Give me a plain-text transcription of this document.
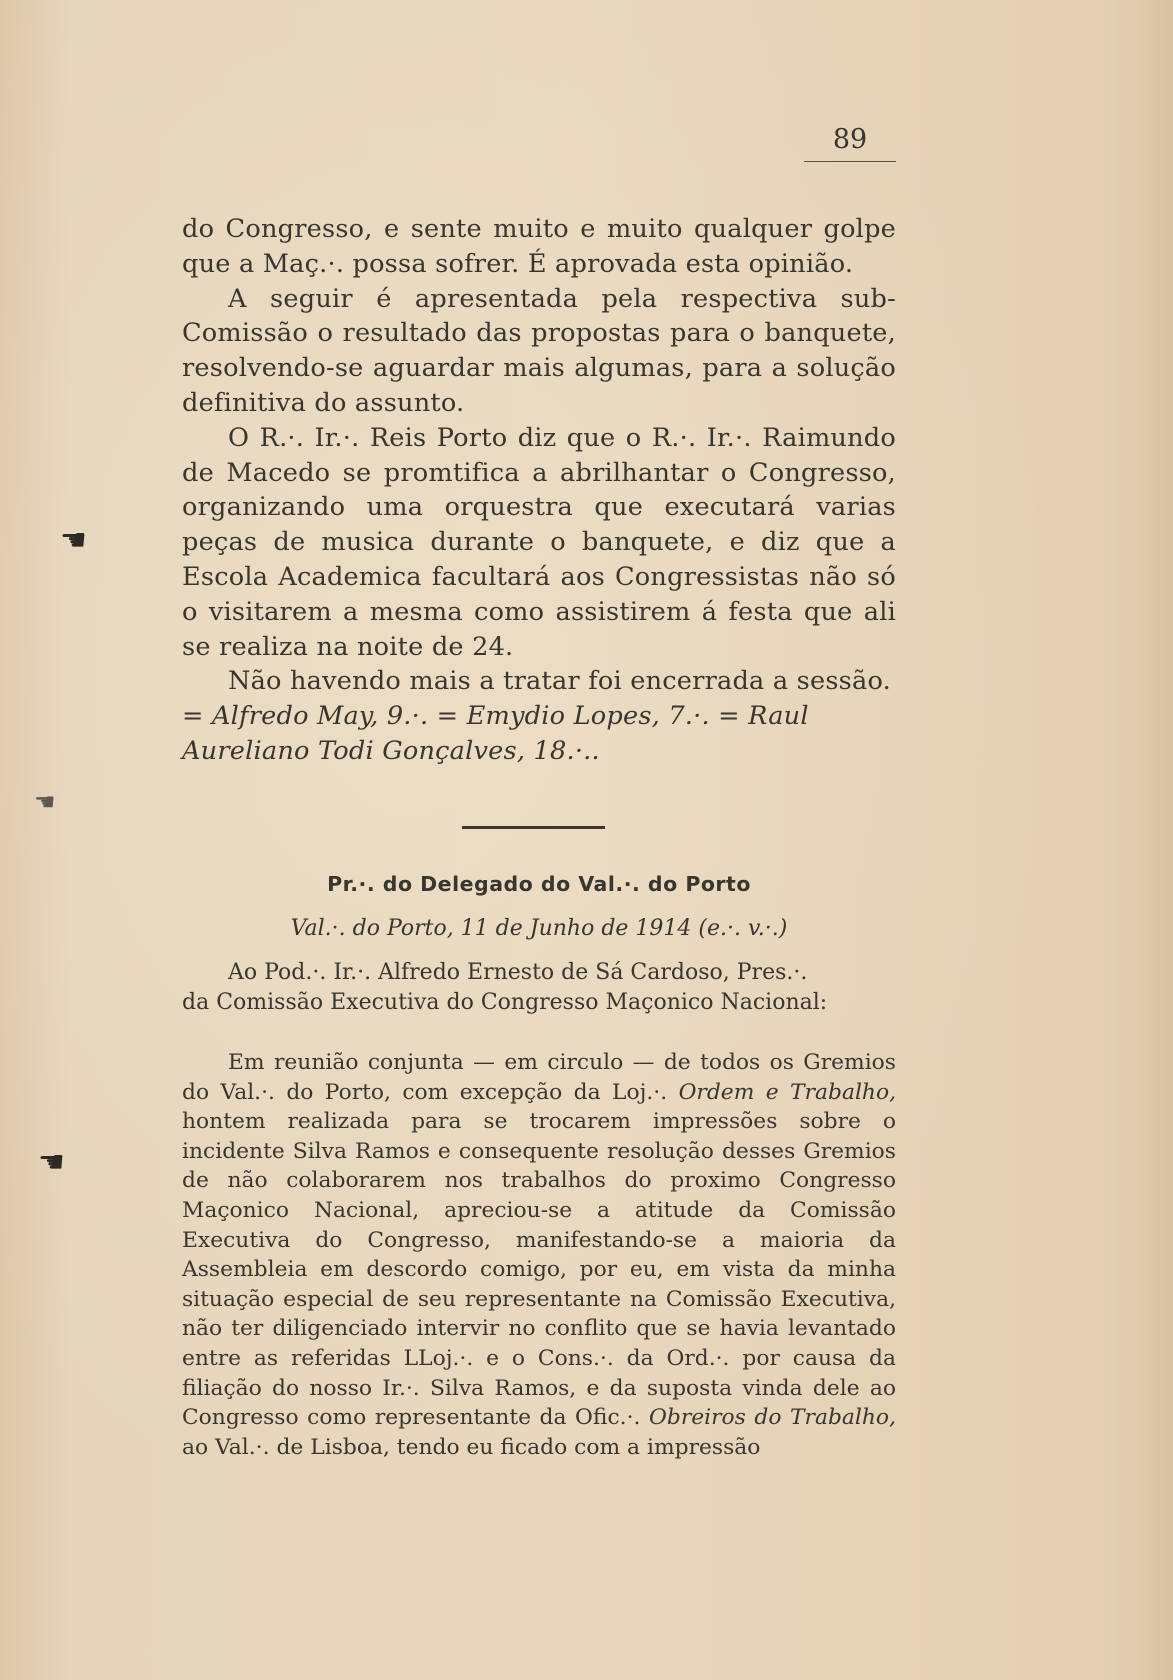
89

do Congresso, e sente muito e muito qualquer golpe que a Maç.·. possa sofrer. É aprovada esta opinião.

A seguir é apresentada pela respectiva sub-Comissão o resultado das propostas para o banquete, resolvendo-se aguardar mais algumas, para a solução definitiva do assunto.

O R.·. Ir.·. Reis Porto diz que o R.·. Ir.·. Raimundo de Macedo se promtifica a abrilhantar o Congresso, organizando uma orquestra que executará varias peças de musica durante o banquete, e diz que a Escola Academica facultará aos Congressistas não só o visitarem a mesma como assistirem á festa que ali se realiza na noite de 24.

Não havendo mais a tratar foi encerrada a sessão. = Alfredo May, 9.·. = Emydio Lopes, 7.·. = Raul Aureliano Todi Gonçalves, 18.·..

Pr.·. do Delegado do Val.·. do Porto
Val.·. do Porto, 11 de Junho de 1914 (e.·. v.·.)

Ao Pod.·. Ir.·. Alfredo Ernesto de Sá Cardoso, Pres.·.

da Comissão Executiva do Congresso Maçonico Nacional:

Em reunião conjunta — em circulo — de todos os Gremios do Val.·. do Porto, com excepção da Loj.·. Ordem e Trabalho, hontem realizada para se trocarem impressões sobre o incidente Silva Ramos e consequente resolução desses Gremios de não colaborarem nos trabalhos do proximo Congresso Maçonico Nacional, apreciou-se a atitude da Comissão Executiva do Congresso, manifestando-se a maioria da Assembleia em descordo comigo, por eu, em vista da minha situação especial de seu representante na Comissão Executiva, não ter diligenciado intervir no conflito que se havia levantado entre as referidas LLoj.·. e o Cons.·. da Ord.·. por causa da filiação do nosso Ir.·. Silva Ramos, e da suposta vinda dele ao Congresso como representante da Ofic.·. Obreiros do Trabalho, ao Val.·. de Lisboa, tendo eu ficado com a impressão

☚
☚
☚
